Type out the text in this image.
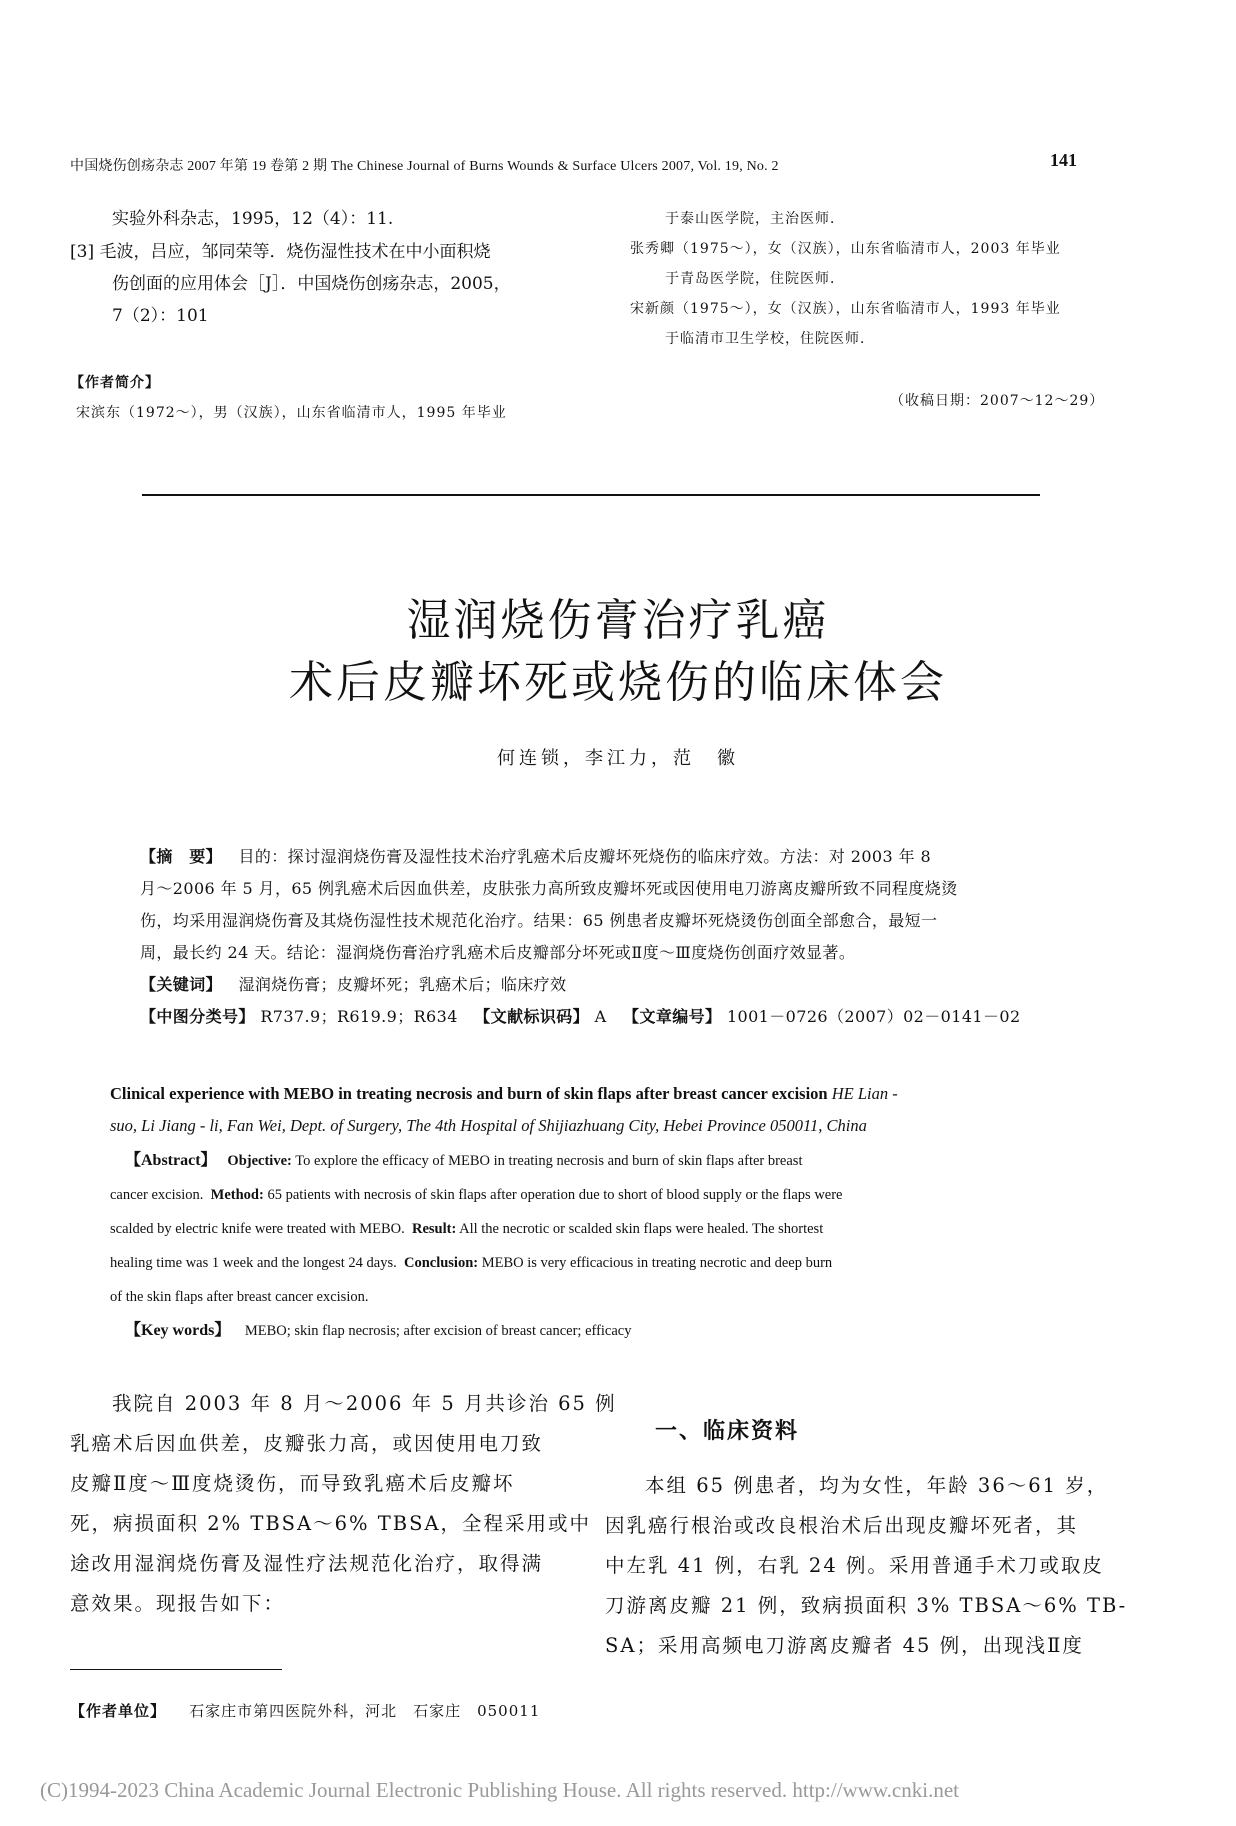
中国烧伤创疡杂志 2007 年第 19 卷第 2 期 The Chinese Journal of Burns Wounds & Surface Ulcers 2007, Vol. 19, No. 2	141
实验外科杂志，1995，12（4）：11.
[3] 毛波，吕应，邹同荣等．烧伤湿性技术在中小面积烧
伤创面的应用体会［J］．中国烧伤创疡杂志，2005，
7（2）：101
【作者简介】
宋滨东（1972～），男（汉族），山东省临清市人，1995 年毕业
于泰山医学院，主治医师．
张秀卿（1975～），女（汉族），山东省临清市人，2003 年毕业
于青岛医学院，住院医师．
宋新颜（1975～），女（汉族），山东省临清市人，1993 年毕业
于临清市卫生学校，住院医师．
（收稿日期：2007～12～29）
湿润烧伤膏治疗乳癌
术后皮瓣坏死或烧伤的临床体会
何连锁，李江力，范　徽
【摘　要】 目的：探讨湿润烧伤膏及湿性技术治疗乳癌术后皮瓣坏死烧伤的临床疗效。方法：对 2003 年 8
月～2006 年 5 月，65 例乳癌术后因血供差，皮肤张力高所致皮瓣坏死或因使用电刀游离皮瓣所致不同程度烧烫
伤，均采用湿润烧伤膏及其烧伤湿性技术规范化治疗。结果：65 例患者皮瓣坏死烧烫伤创面全部愈合，最短一
周，最长约 24 天。结论：湿润烧伤膏治疗乳癌术后皮瓣部分坏死或Ⅱ度～Ⅲ度烧伤创面疗效显著。
【关键词】 湿润烧伤膏；皮瓣坏死；乳癌术后；临床疗效
【中图分类号】 R737.9；R619.9；R634 【文献标识码】 A 【文章编号】 1001－0726（2007）02－0141－02
Clinical experience with MEBO in treating necrosis and burn of skin flaps after breast cancer excision HE Lian -
suo, Li Jiang - li, Fan Wei, Dept. of Surgery, The 4th Hospital of Shijiazhuang City, Hebei Province 050011, China
【Abstract】 Objective: To explore the efficacy of MEBO in treating necrosis and burn of skin flaps after breast
cancer excision. Method: 65 patients with necrosis of skin flaps after operation due to short of blood supply or the flaps were
scalded by electric knife were treated with MEBO. Result: All the necrotic or scalded skin flaps were healed. The shortest
healing time was 1 week and the longest 24 days. Conclusion: MEBO is very efficacious in treating necrotic and deep burn
of the skin flaps after breast cancer excision.
【Key words】 MEBO; skin flap necrosis; after excision of breast cancer; efficacy
我院自 2003 年 8 月～2006 年 5 月共诊治 65 例
乳癌术后因血供差，皮瓣张力高，或因使用电刀致
皮瓣Ⅱ度～Ⅲ度烧烫伤，而导致乳癌术后皮瓣坏
死，病损面积 2% TBSA～6% TBSA，全程采用或中
途改用湿润烧伤膏及湿性疗法规范化治疗，取得满
意效果。现报告如下：
一、临床资料
本组 65 例患者，均为女性，年龄 36～61 岁，
因乳癌行根治或改良根治术后出现皮瓣坏死者，其
中左乳 41 例，右乳 24 例。采用普通手术刀或取皮
刀游离皮瓣 21 例，致病损面积 3% TBSA～6% TB-
SA；采用高频电刀游离皮瓣者 45 例，出现浅Ⅱ度
【作者单位】 石家庄市第四医院外科，河北　石家庄　050011
(C)1994-2023 China Academic Journal Electronic Publishing House. All rights reserved. http://www.cnki.net
